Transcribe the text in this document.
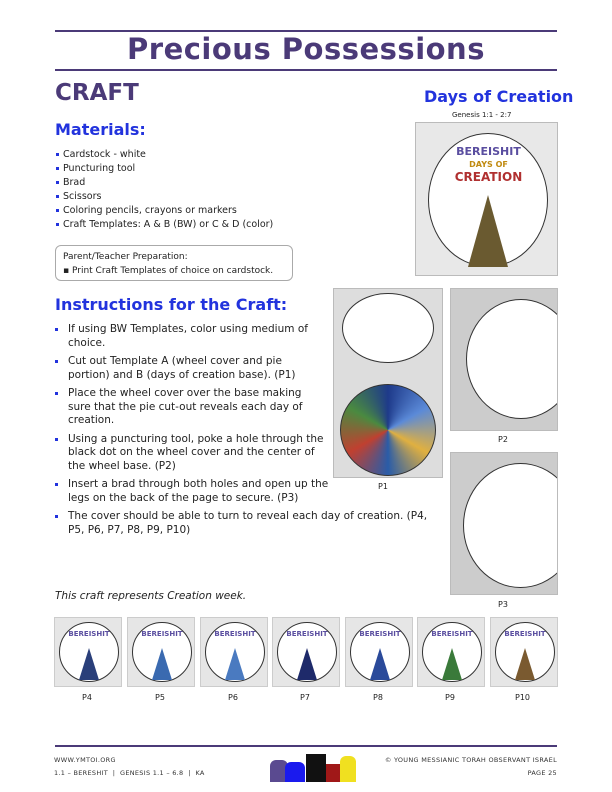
Precious Possessions
CRAFT
Materials:
Cardstock - white
Puncturing tool
Brad
Scissors
Coloring pencils, crayons or markers
Craft Templates: A & B (BW) or C & D (color)
Parent/Teacher Preparation:
▪ Print Craft Templates of choice on cardstock.
Instructions for the Craft:
If using BW Templates, color using medium of choice.
Cut out Template A (wheel cover and pie portion) and B (days of creation base). (P1)
Place the wheel cover over the base making sure that the pie cut-out reveals each day of creation.
Using a puncturing tool, poke a hole through the black dot on the wheel cover and the center of the wheel base. (P2)
Insert a brad through both holes and open up the legs on the back of the page to secure. (P3)
The cover should be able to turn to reveal each day of creation. (P4, P5, P6, P7, P8, P9, P10)
This craft represents Creation week.
Days of Creation
Genesis 1:1 - 2:7
BEREISHIT
DAYS OF
CREATION
P1
P2
P3
BEREISHIT	BEREISHIT	BEREISHIT	BEREISHIT	BEREISHIT	BEREISHIT	BEREISHIT
P4	P5	P6	P7	P8	P9	P10
WWW.YMTOI.ORG
1.1 – BERESHIT  |  GENESIS 1.1 – 6.8  |  KA
© YOUNG MESSIANIC TORAH OBSERVANT ISRAEL
PAGE 25
